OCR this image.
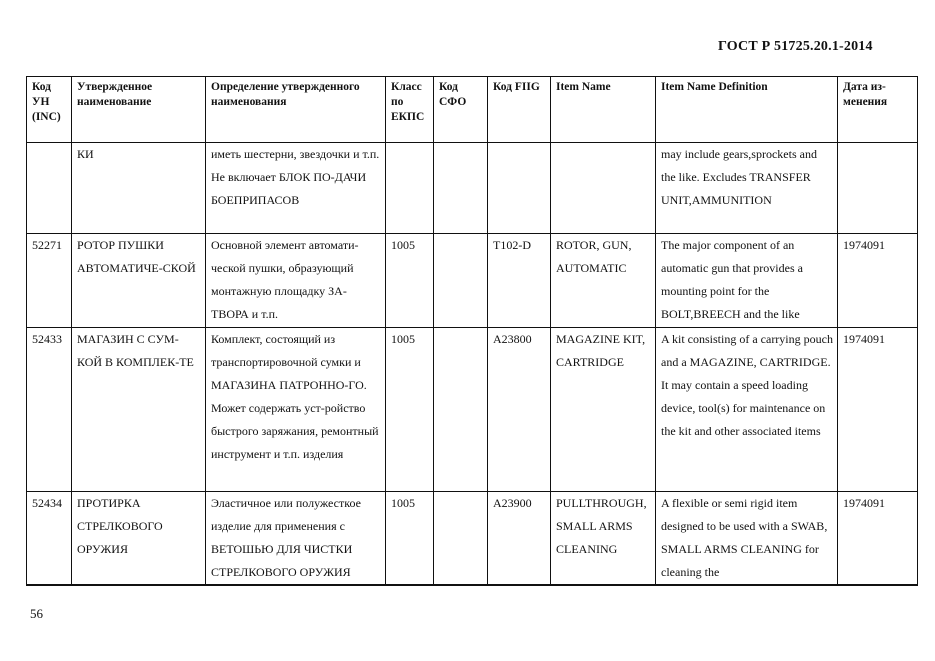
ГОСТ Р 51725.20.1-2014
Код УН (INC)	Утвержденное наименование	Определение утвержденного наименования	Класс по ЕКПС	Код СФО	Код FIIG	Item Name	Item Name Definition	Дата из-менения
	КИ	иметь шестерни, звездочки и т.п. Не включает БЛОК ПО-ДАЧИ БОЕПРИПАСОВ					may include gears,sprockets and the like. Excludes TRANSFER UNIT,AMMUNITION	
52271	РОТОР ПУШКИ АВТОМАТИЧЕ-СКОЙ	Основной элемент автомати-ческой пушки, образующий монтажную площадку ЗА-ТВОРА и т.п.	1005		T102-D	ROTOR, GUN, AUTOMATIC	The major component of an automatic gun that provides a mounting point for the BOLT,BREECH and the like	1974091
52433	МАГАЗИН С СУМ-КОЙ В КОМПЛЕК-ТЕ	Комплект, состоящий из транспортировочной сумки и МАГАЗИНА ПАТРОННО-ГО. Может содержать уст-ройство быстрого заряжания, ремонтный инструмент и т.п. изделия	1005		A23800	MAGAZINE KIT, CARTRIDGE	A kit consisting of a carrying pouch and a MAGAZINE, CARTRIDGE. It may contain a speed loading device, tool(s) for maintenance on the kit and other associated items	1974091
52434	ПРОТИРКА СТРЕЛКОВОГО ОРУЖИЯ	Эластичное или полужесткое изделие для применения с ВЕТОШЬЮ ДЛЯ ЧИСТКИ СТРЕЛКОВОГО ОРУЖИЯ	1005		A23900	PULLTHROUGH, SMALL ARMS CLEANING	A flexible or semi rigid item designed to be used with a SWAB, SMALL ARMS CLEANING for cleaning the	1974091
56
